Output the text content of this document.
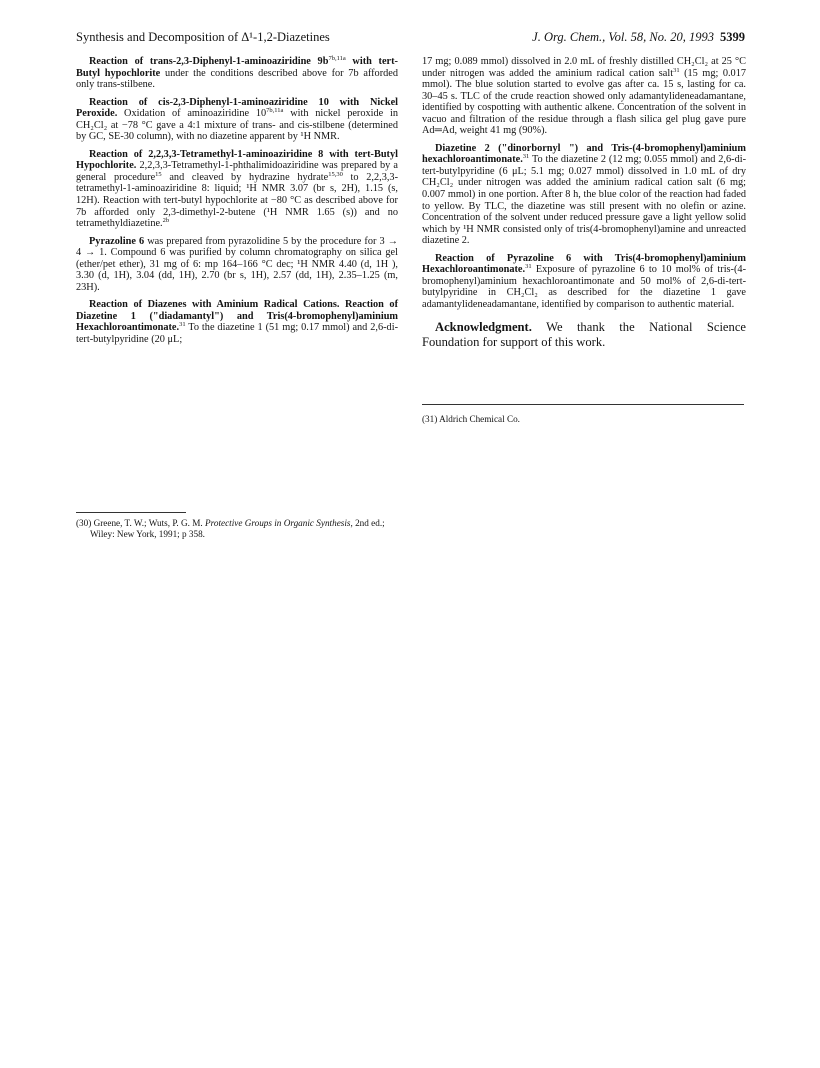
Synthesis and Decomposition of Δ¹-1,2-Diazetines	J. Org. Chem., Vol. 58, No. 20, 1993 5399

Reaction of trans-2,3-Diphenyl-1-aminoaziridine $9b^{7b,11a}$ with tert-Butyl hypochlorite under the conditions described above for 7b afforded only trans-stilbene.

Reaction of cis-2,3-Diphenyl-1-aminoaziridine 10 with Nickel Peroxide. Oxidation of aminoaziridine $10^{7b,11a}$ with nickel peroxide in CH₂Cl₂ at −78 °C gave a 4:1 mixture of trans- and cis-stilbene (determined by GC, SE-30 column), with no diazetine apparent by ¹H NMR.

Reaction of 2,2,3,3-Tetramethyl-1-aminoaziridine 8 with tert-Butyl Hypochlorite. 2,2,3,3-Tetramethyl-1-phthalimidoaziridine was prepared by a general procedure$^{15}$ and cleaved by hydrazine hydrate$^{15,30}$ to 2,2,3,3-tetramethyl-1-aminoaziridine 8: liquid; ¹H NMR 3.07 (br s, 2H), 1.15 (s, 12H). Reaction with tert-butyl hypochlorite at −80 °C as described above for 7b afforded only 2,3-dimethyl-2-butene (¹H NMR 1.65 (s)) and no tetramethyldiazetine.$^{2b}$

Pyrazoline 6 was prepared from pyrazolidine 5 by the procedure for 3 → 4 → 1. Compound 6 was purified by column chromatography on silica gel (ether/pet ether), 31 mg of 6: mp 164–166 °C dec; ¹H NMR 4.40 (d, 1H ), 3.30 (d, 1H), 3.04 (dd, 1H), 2.70 (br s, 1H), 2.57 (dd, 1H), 2.35–1.25 (m, 23H).

Reaction of Diazenes with Aminium Radical Cations. Reaction of Diazetine 1 ("diadamantyl") and Tris(4-bromophenyl)aminium Hexachloroantimonate.$^{31}$ To the diazetine 1 (51 mg; 0.17 mmol) and 2,6-di-tert-butylpyridine (20 μL;

(30) Greene, T. W.; Wuts, P. G. M. Protective Groups in Organic Synthesis, 2nd ed.; Wiley: New York, 1991; p 358.

17 mg; 0.089 mmol) dissolved in 2.0 mL of freshly distilled CH₂Cl₂ at 25 °C under nitrogen was added the aminium radical cation salt$^{31}$ (15 mg; 0.017 mmol). The blue solution started to evolve gas after ca. 15 s, lasting for ca. 30–45 s. TLC of the crude reaction showed only adamantylideneadamantane, identified by cospotting with authentic alkene. Concentration of the solvent in vacuo and filtration of the residue through a flash silica gel plug gave pure Ad═Ad, weight 41 mg (90%).

Diazetine 2 ("dinorbornyl ") and Tris-(4-bromophenyl)aminium hexachloroantimonate.$^{31}$ To the diazetine 2 (12 mg; 0.055 mmol) and 2,6-di-tert-butylpyridine (6 μL; 5.1 mg; 0.027 mmol) dissolved in 1.0 mL of dry CH₂Cl₂ under nitrogen was added the aminium radical cation salt (6 mg; 0.007 mmol) in one portion. After 8 h, the blue color of the reaction had faded to yellow. By TLC, the diazetine was still present with no olefin or azine. Concentration of the solvent under reduced pressure gave a light yellow solid which by ¹H NMR consisted only of tris(4-bromophenyl)amine and unreacted diazetine 2.

Reaction of Pyrazoline 6 with Tris(4-bromophenyl)aminium Hexachloroantimonate.$^{31}$ Exposure of pyrazoline 6 to 10 mol% of tris-(4-bromophenyl)aminium hexachloroantimonate and 50 mol% of 2,6-di-tert-butylpyridine in CH₂Cl₂ as described for the diazetine 1 gave adamantylideneadamantane, identified by comparison to authentic material.

Acknowledgment. We thank the National Science Foundation for support of this work.

(31) Aldrich Chemical Co.
